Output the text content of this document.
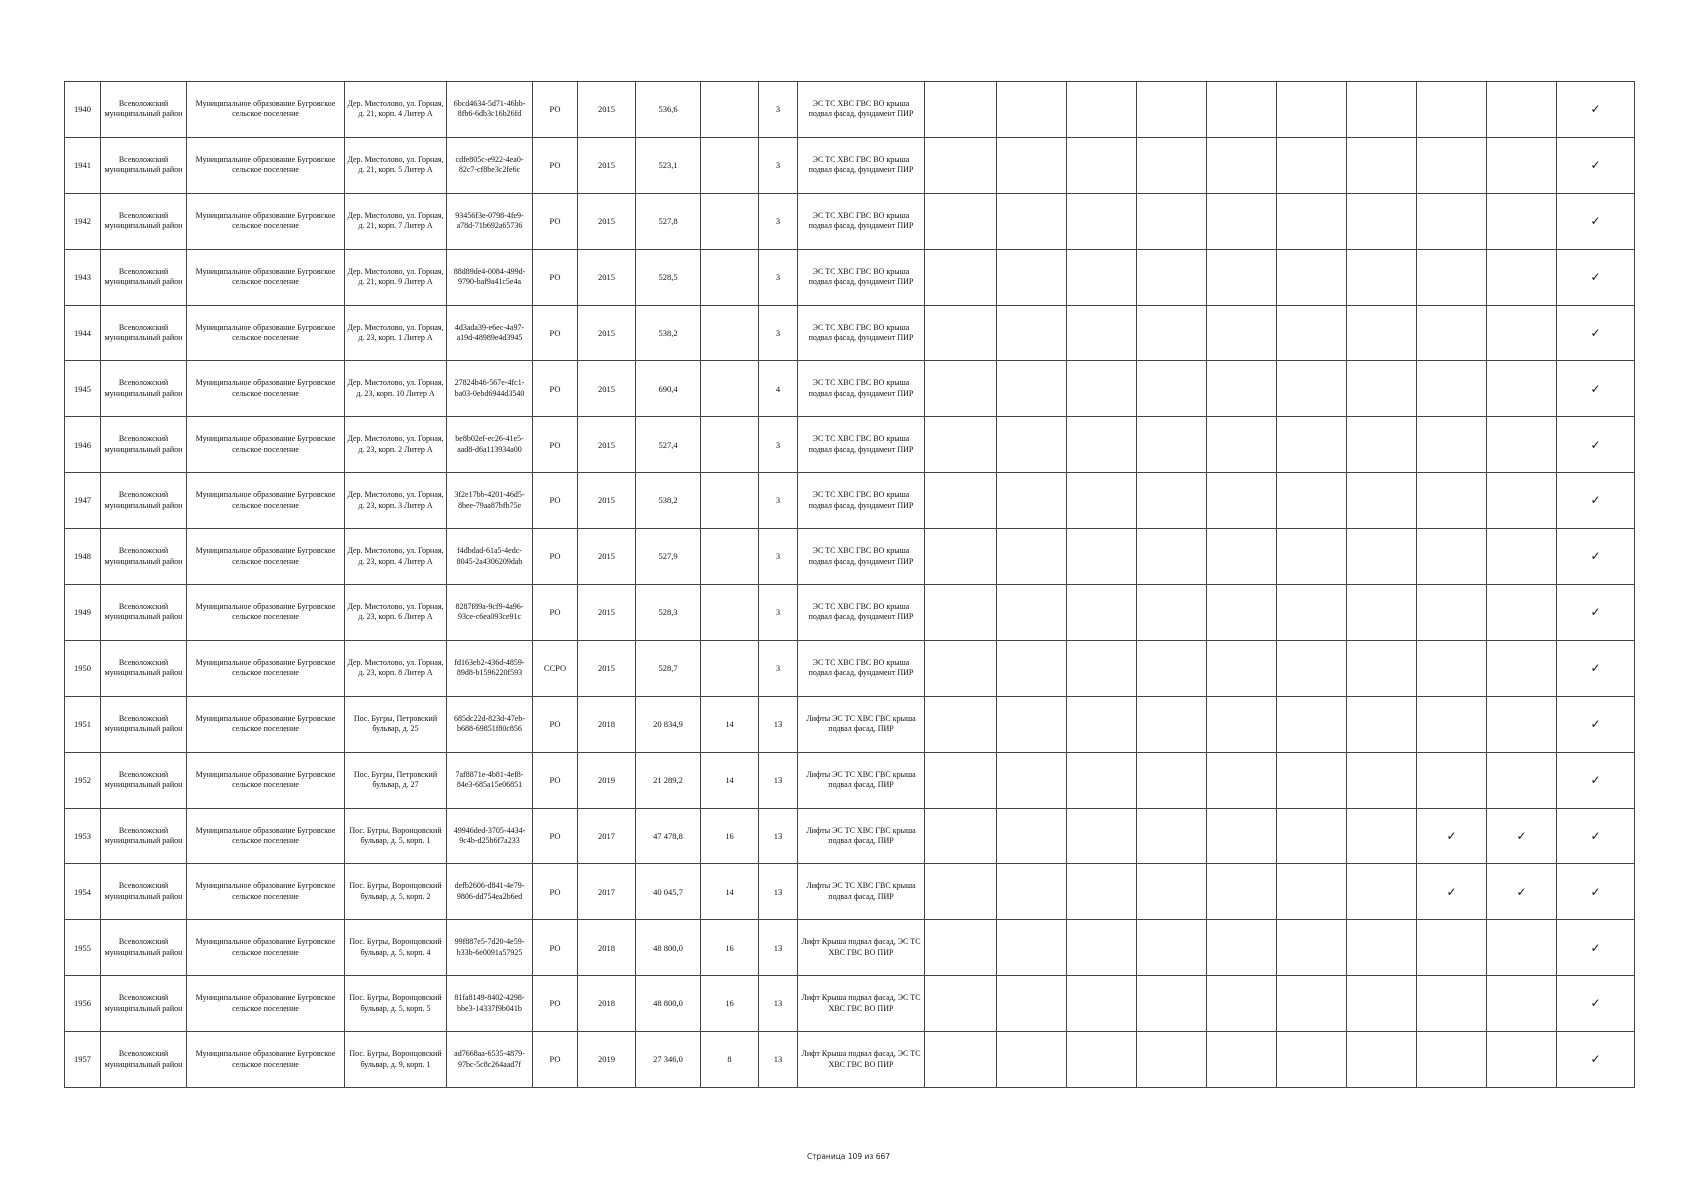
1940	Всеволожский муниципальный район	Муниципальное образование Бугровское сельское поселение	Дер. Мистолово, ул. Горная, д. 21, корп. 4 Литер А	6bcd4634-5d71-46bb-8fb6-6db3c16b26fd	РО	2015	536,6		3	ЭС ТС ХВС ГВС ВО крыша подвал фасад, фундамент ПИР										✓
1941	Всеволожский муниципальный район	Муниципальное образование Бугровское сельское поселение	Дер. Мистолово, ул. Горная, д. 21, корп. 5 Литер А	cdfe805c-e922-4ea0-82c7-cf8be3c2fe6c	РО	2015	523,1		3	ЭС ТС ХВС ГВС ВО крыша подвал фасад, фундамент ПИР										✓
1942	Всеволожский муниципальный район	Муниципальное образование Бугровское сельское поселение	Дер. Мистолово, ул. Горная, д. 21, корп. 7 Литер А	93456f3e-0798-4fe9-a78d-71b692a65736	РО	2015	527,8		3	ЭС ТС ХВС ГВС ВО крыша подвал фасад, фундамент ПИР										✓
1943	Всеволожский муниципальный район	Муниципальное образование Бугровское сельское поселение	Дер. Мистолово, ул. Горная, д. 21, корп. 9 Литер А	88d89de4-0084-499d-9790-baf9a41c5e4a	РО	2015	528,5		3	ЭС ТС ХВС ГВС ВО крыша подвал фасад, фундамент ПИР										✓
1944	Всеволожский муниципальный район	Муниципальное образование Бугровское сельское поселение	Дер. Мистолово, ул. Горная, д. 23, корп. 1 Литер А	4d3ada39-e6ec-4a97-a19d-48989e4d3945	РО	2015	538,2		3	ЭС ТС ХВС ГВС ВО крыша подвал фасад, фундамент ПИР										✓
1945	Всеволожский муниципальный район	Муниципальное образование Бугровское сельское поселение	Дер. Мистолово, ул. Горная, д. 23, корп. 10 Литер А	27824b46-567e-4fc1-ba03-0ebd6944d3540	РО	2015	690,4		4	ЭС ТС ХВС ГВС ВО крыша подвал фасад, фундамент ПИР										✓
1946	Всеволожский муниципальный район	Муниципальное образование Бугровское сельское поселение	Дер. Мистолово, ул. Горная, д. 23, корп. 2 Литер А	be8b02ef-ec26-41e5-aad8-d6a113934a00	РО	2015	527,4		3	ЭС ТС ХВС ГВС ВО крыша подвал фасад, фундамент ПИР										✓
1947	Всеволожский муниципальный район	Муниципальное образование Бугровское сельское поселение	Дер. Мистолово, ул. Горная, д. 23, корп. 3 Литер А	3f2e17bb-4201-46d5-8bee-79aa87bfb75e	РО	2015	538,2		3	ЭС ТС ХВС ГВС ВО крыша подвал фасад, фундамент ПИР										✓
1948	Всеволожский муниципальный район	Муниципальное образование Бугровское сельское поселение	Дер. Мистолово, ул. Горная, д. 23, корп. 4 Литер А	f4dbdad-61a5-4edc-8045-2a4306209dab	РО	2015	527,9		3	ЭС ТС ХВС ГВС ВО крыша подвал фасад, фундамент ПИР										✓
1949	Всеволожский муниципальный район	Муниципальное образование Бугровское сельское поселение	Дер. Мистолово, ул. Горная, д. 23, корп. 6 Литер А	8287f89a-9cf9-4a96-93ce-c6ea093ce91c	РО	2015	528,3		3	ЭС ТС ХВС ГВС ВО крыша подвал фасад, фундамент ПИР										✓
1950	Всеволожский муниципальный район	Муниципальное образование Бугровское сельское поселение	Дер. Мистолово, ул. Горная, д. 23, корп. 8 Литер А	fd163eb2-436d-4859-89d8-b1596220f593	ССРО	2015	528,7		3	ЭС ТС ХВС ГВС ВО крыша подвал фасад, фундамент ПИР										✓
1951	Всеволожский муниципальный район	Муниципальное образование Бугровское сельское поселение	Пос. Бугры, Петровский бульвар, д. 25	685dc22d-823d-47eb-b688-69851f80c856	РО	2018	20 834,9	14	13	Лифты ЭС ТС ХВС ГВС крыша подвал фасад, ПИР										✓
1952	Всеволожский муниципальный район	Муниципальное образование Бугровское сельское поселение	Пос. Бугры, Петровский бульвар, д. 27	7af8871e-4b81-4ef8-84e3-685a15e06851	РО	2019	21 289,2	14	13	Лифты ЭС ТС ХВС ГВС крыша подвал фасад, ПИР										✓
1953	Всеволожский муниципальный район	Муниципальное образование Бугровское сельское поселение	Пос. Бугры, Воронцовский бульвар, д. 5, корп. 1	49946ded-3705-4434-9c4b-d25b6f7a233	РО	2017	47 478,8	16	13	Лифты ЭС ТС ХВС ГВС крыша подвал фасад, ПИР								✓	✓	✓
1954	Всеволожский муниципальный район	Муниципальное образование Бугровское сельское поселение	Пос. Бугры, Воронцовский бульвар, д. 5, корп. 2	defb2606-d841-4e79-9806-dd754ea2b6ed	РО	2017	40 045,7	14	13	Лифты ЭС ТС ХВС ГВС крыша подвал фасад, ПИР								✓	✓	✓
1955	Всеволожский муниципальный район	Муниципальное образование Бугровское сельское поселение	Пос. Бугры, Воронцовский бульвар, д. 5, корп. 4	99f887e5-7d20-4e59-b33b-6e0091a57925	РО	2018	48 800,0	16	13	Лифт Крыша подвал фасад, ЭС ТС ХВС ГВС ВО ПИР										✓
1956	Всеволожский муниципальный район	Муниципальное образование Бугровское сельское поселение	Пос. Бугры, Воронцовский бульвар, д. 5, корп. 5	81fa8149-8402-4298-bbe3-14337f9b041b	РО	2018	48 800,0	16	13	Лифт Крыша подвал фасад, ЭС ТС ХВС ГВС ВО ПИР										✓
1957	Всеволожский муниципальный район	Муниципальное образование Бугровское сельское поселение	Пос. Бугры, Воронцовский бульвар, д. 9, корп. 1	ad7668aa-6535-4879-97bc-5c8c264aad7f	РО	2019	27 346,0	8	13	Лифт Крыша подвал фасад, ЭС ТС ХВС ГВС ВО ПИР										✓
Страница 109 из 667
